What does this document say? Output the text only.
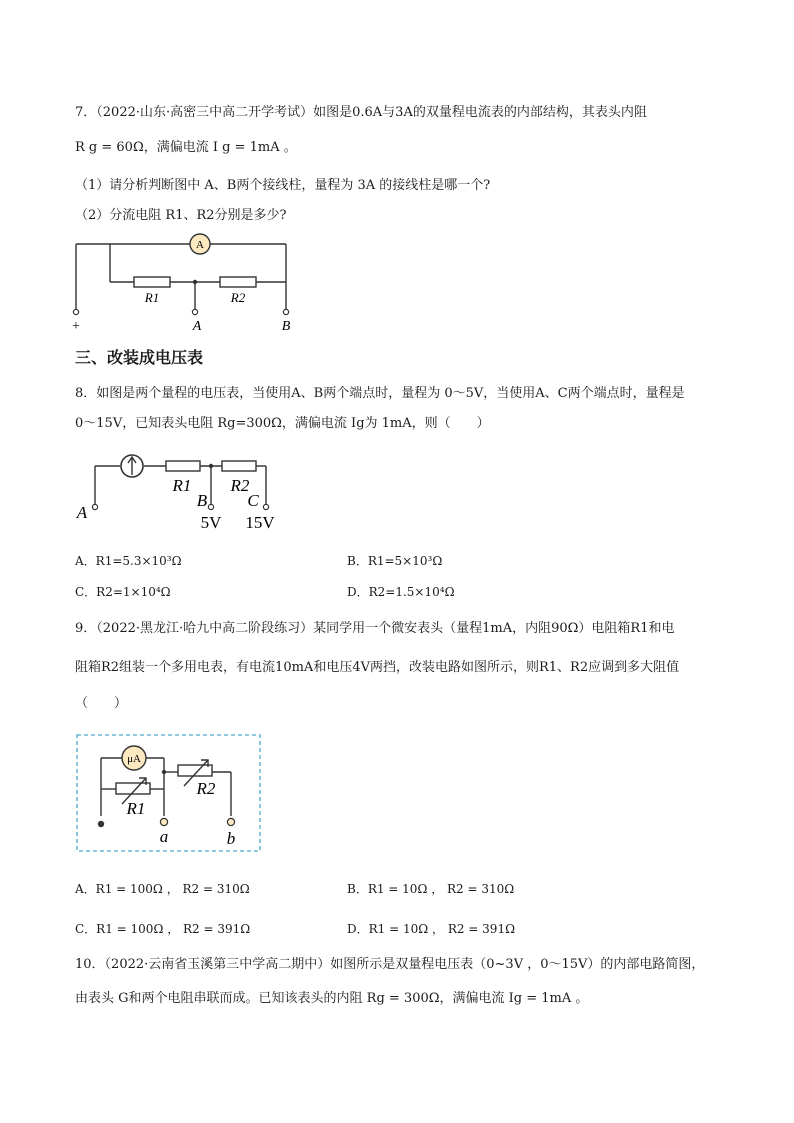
7．（2022·山东·高密三中高二开学考试）如图是0.6A与3A的双量程电流表的内部结构，其表头内阻
R g = 60Ω，满偏电流 I g = 1mA 。
（1）请分析判断图中 A、B两个接线柱，量程为 3A 的接线柱是哪一个?
（2）分流电阻 R1、R2分别是多少?
A
R1	R2
+	A	B
三、改装成电压表
8．如图是两个量程的电压表，当使用A、B两个端点时，量程为 0～5V，当使用A、C两个端点时，量程是
0～15V，已知表头电阻 Rg=300Ω，满偏电流 Ig为 1mA，则（　　）
R1 R2
B C
A
5V 15V
A．R1=5.3×10³Ω	B．R1=5×10³Ω
C．R2=1×10⁴Ω	D．R2=1.5×10⁴Ω
9．（2022·黑龙江·哈九中高二阶段练习）某同学用一个微安表头（量程1mA，内阻90Ω）电阻箱R1和电
阻箱R2组装一个多用电表，有电流10mA和电压4V两挡，改装电路如图所示，则R1、R2应调到多大阻值
（　　）
μA
R1
R2
a	b
A．R1 = 100Ω ， R2 = 310Ω	B．R1 = 10Ω ， R2 = 310Ω
C．R1 = 100Ω ， R2 = 391Ω	D．R1 = 10Ω ， R2 = 391Ω
10．（2022·云南省玉溪第三中学高二期中）如图所示是双量程电压表（0~3V ，0～15V）的内部电路简图，
由表头 G和两个电阻串联而成。已知该表头的内阻 Rg = 300Ω，满偏电流 Ig = 1mA 。
